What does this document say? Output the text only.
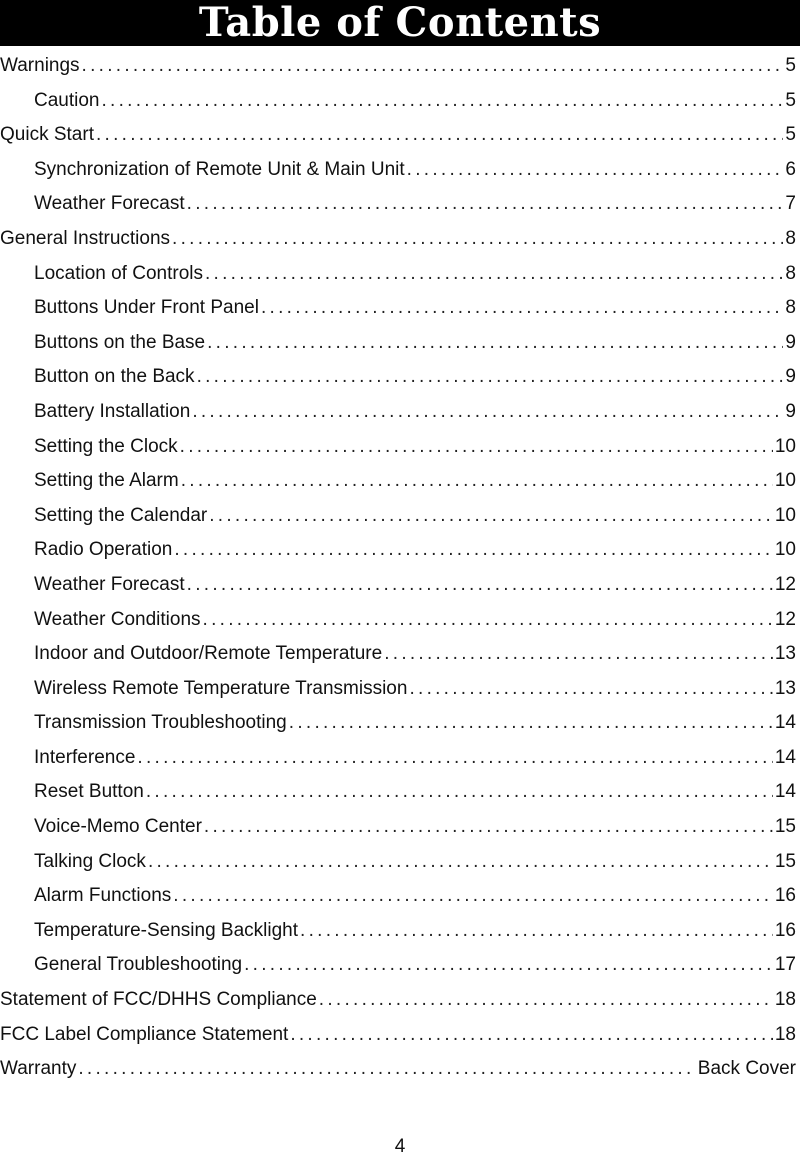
Table of Contents
Warnings . . .	5
Caution . . .	5
Quick Start . . .	5
Synchronization of Remote Unit & Main Unit . . .	6
Weather Forecast . . .	7
General Instructions . . .	8
Location of Controls . . .	8
Buttons Under Front Panel . . .	8
Buttons on the Base . . .	9
Button on the Back . . .	9
Battery Installation . . .	9
Setting the Clock . . .	10
Setting the Alarm . . .	10
Setting the Calendar . . .	10
Radio Operation . . .	10
Weather Forecast . . .	12
Weather Conditions . . .	12
Indoor and Outdoor/Remote Temperature . . .	13
Wireless Remote Temperature Transmission . . .	13
Transmission Troubleshooting . . .	14
Interference . . .	14
Reset Button . . .	14
Voice-Memo Center . . .	15
Talking Clock . . .	15
Alarm Functions . . .	16
Temperature-Sensing Backlight . . .	16
General Troubleshooting . . .	17
Statement of FCC/DHHS Compliance . . .	18
FCC Label Compliance Statement . . .	18
Warranty . . .	Back Cover
4
